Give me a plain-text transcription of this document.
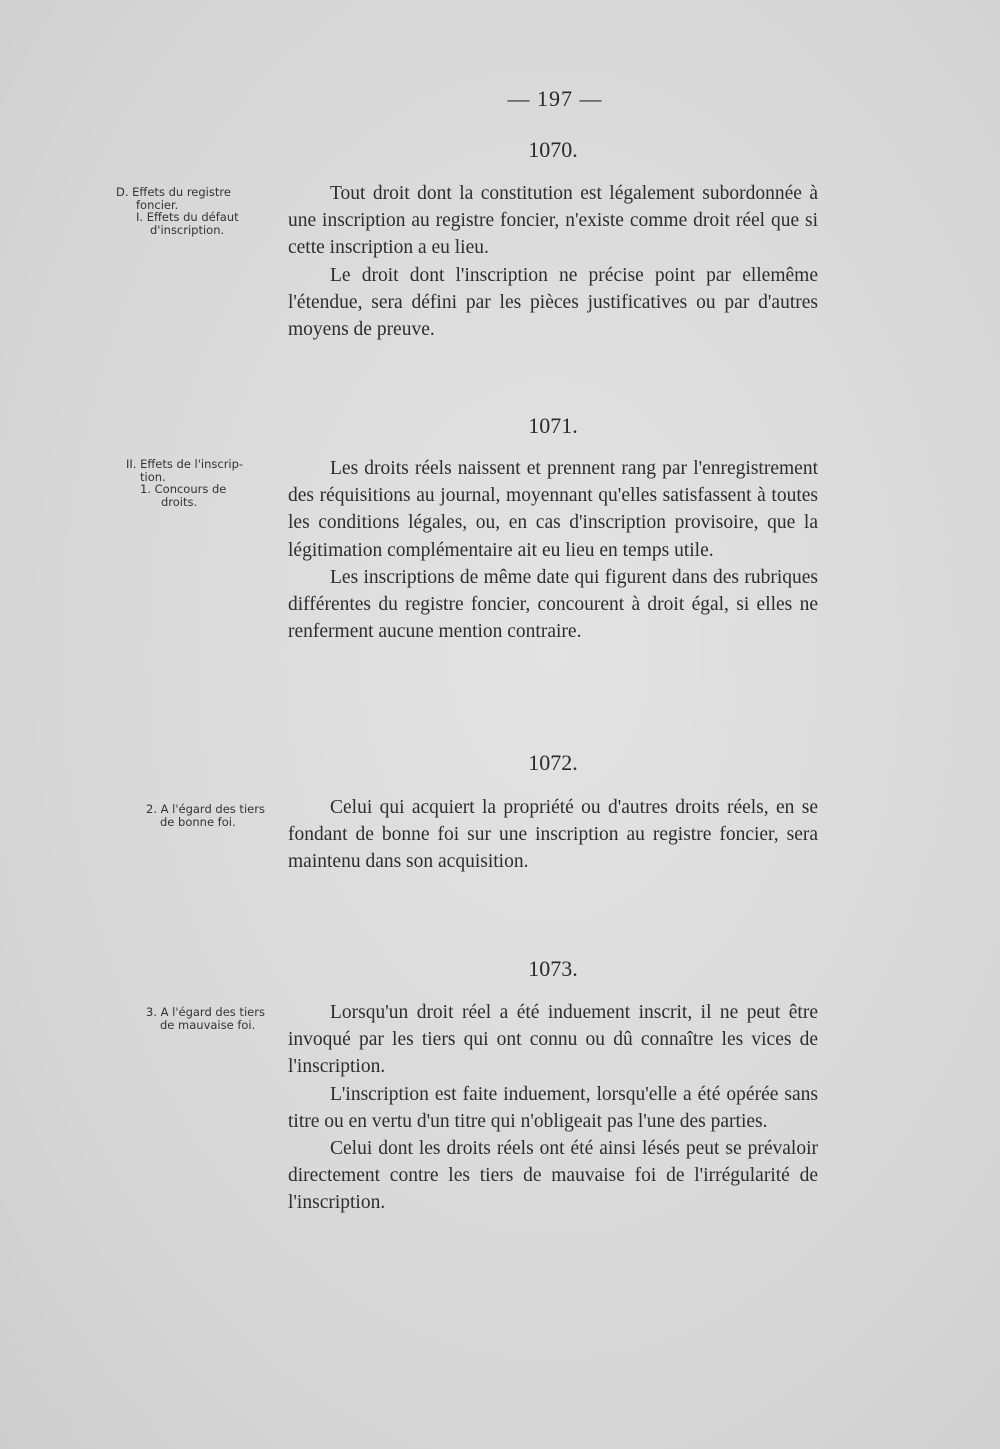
— 197 —
1070.
D. Effets du registre
foncier.
I. Effets du défaut
d'inscription.

Tout droit dont la constitution est légalement subordonnée à une inscription au registre foncier, n'existe comme droit réel que si cette inscription a eu lieu.

Le droit dont l'inscription ne précise point par ellemême l'étendue, sera défini par les pièces justificatives ou par d'autres moyens de preuve.

1071.
II. Effets de l'inscrip-
tion.
1. Concours de
droits.

Les droits réels naissent et prennent rang par l'enregistrement des réquisitions au journal, moyennant qu'elles satisfassent à toutes les conditions légales, ou, en cas d'inscription provisoire, que la légitimation complémentaire ait eu lieu en temps utile.

Les inscriptions de même date qui figurent dans des rubriques différentes du registre foncier, concourent à droit égal, si elles ne renferment aucune mention contraire.

1072.
2. A l'égard des tiers
de bonne foi.

Celui qui acquiert la propriété ou d'autres droits réels, en se fondant de bonne foi sur une inscription au registre foncier, sera maintenu dans son acquisition.

1073.
3. A l'égard des tiers
de mauvaise foi.

Lorsqu'un droit réel a été induement inscrit, il ne peut être invoqué par les tiers qui ont connu ou dû connaître les vices de l'inscription.

L'inscription est faite induement, lorsqu'elle a été opérée sans titre ou en vertu d'un titre qui n'obligeait pas l'une des parties.

Celui dont les droits réels ont été ainsi lésés peut se prévaloir directement contre les tiers de mauvaise foi de l'irrégularité de l'inscription.
